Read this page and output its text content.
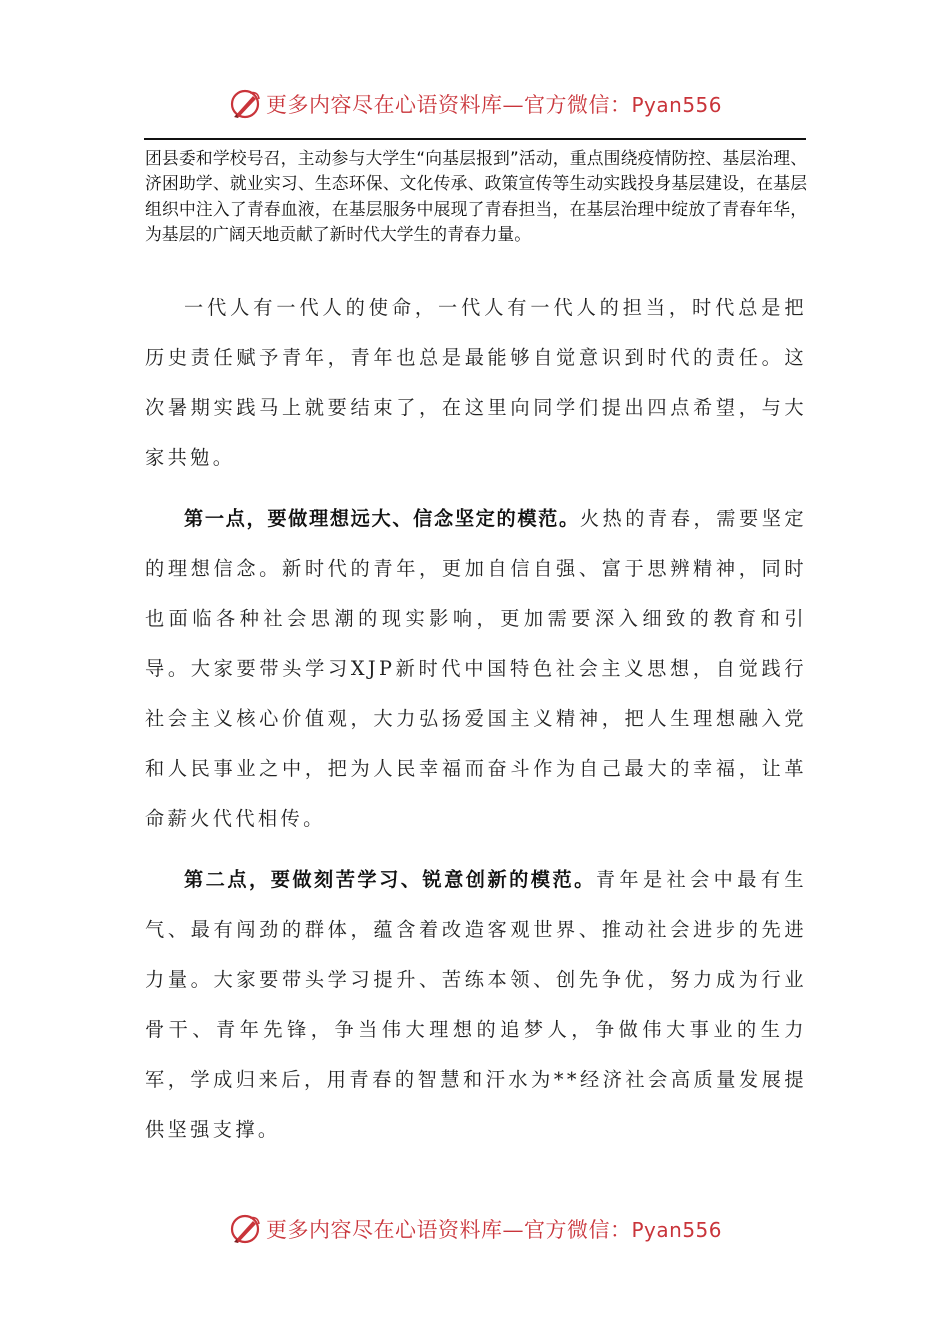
更多内容尽在心语资料库—官方微信：Pyan556

团县委和学校号召，主动参与大学生“向基层报到”活动，重点围绕疫情防控、基层治理、济困助学、就业实习、生态环保、文化传承、政策宣传等生动实践投身基层建设，在基层组织中注入了青春血液，在基层服务中展现了青春担当，在基层治理中绽放了青春年华，为基层的广阔天地贡献了新时代大学生的青春力量。

一代人有一代人的使命，一代人有一代人的担当，时代总是把历史责任赋予青年，青年也总是最能够自觉意识到时代的责任。这次暑期实践马上就要结束了，在这里向同学们提出四点希望，与大家共勉。

第一点，要做理想远大、信念坚定的模范。火热的青春，需要坚定的理想信念。新时代的青年，更加自信自强、富于思辨精神，同时也面临各种社会思潮的现实影响，更加需要深入细致的教育和引导。大家要带头学习XJP新时代中国特色社会主义思想，自觉践行社会主义核心价值观，大力弘扬爱国主义精神，把人生理想融入党和人民事业之中，把为人民幸福而奋斗作为自己最大的幸福，让革命薪火代代相传。

第二点，要做刻苦学习、锐意创新的模范。青年是社会中最有生气、最有闯劲的群体，蕴含着改造客观世界、推动社会进步的先进力量。大家要带头学习提升、苦练本领、创先争优，努力成为行业骨干、青年先锋，争当伟大理想的追梦人，争做伟大事业的生力军，学成归来后，用青春的智慧和汗水为**经济社会高质量发展提供坚强支撑。

更多内容尽在心语资料库—官方微信：Pyan556
